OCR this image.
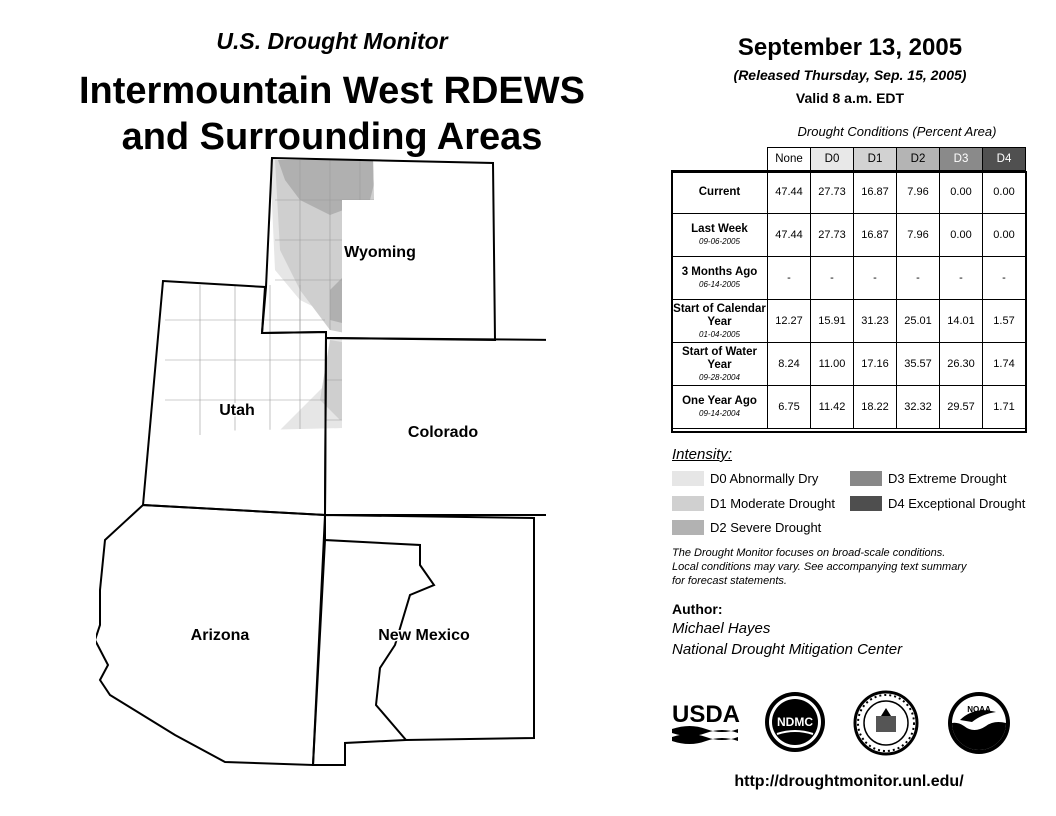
U.S. Drought Monitor
Intermountain West RDEWS
and Surrounding Areas
September 13, 2005
(Released Thursday, Sep. 15, 2005)
Valid 8 a.m. EDT
Wyoming
Utah
Colorado
Arizona	New Mexico
Drought Conditions (Percent Area)
	None	D0	D1	D2	D3	D4
Current	47.44	27.73	16.87	7.96	0.00	0.00
Last Week
09-06-2005	47.44	27.73	16.87	7.96	0.00	0.00
3 Months Ago
06-14-2005	-	-	-	-	-	-
Start of Calendar Year
01-04-2005	12.27	15.91	31.23	25.01	14.01	1.57
Start of Water Year
09-28-2004	8.24	11.00	17.16	35.57	26.30	1.74
One Year Ago
09-14-2004	6.75	11.42	18.22	32.32	29.57	1.71
Intensity:
D0 Abnormally Dry
D1 Moderate Drought
D2 Severe Drought
D3 Extreme Drought
D4 Exceptional Drought
The Drought Monitor focuses on broad-scale conditions.
Local conditions may vary. See accompanying text summary
for forecast statements.
Author:
Michael Hayes
National Drought Mitigation Center
USDA	NDMC
NOAA
http://droughtmonitor.unl.edu/
